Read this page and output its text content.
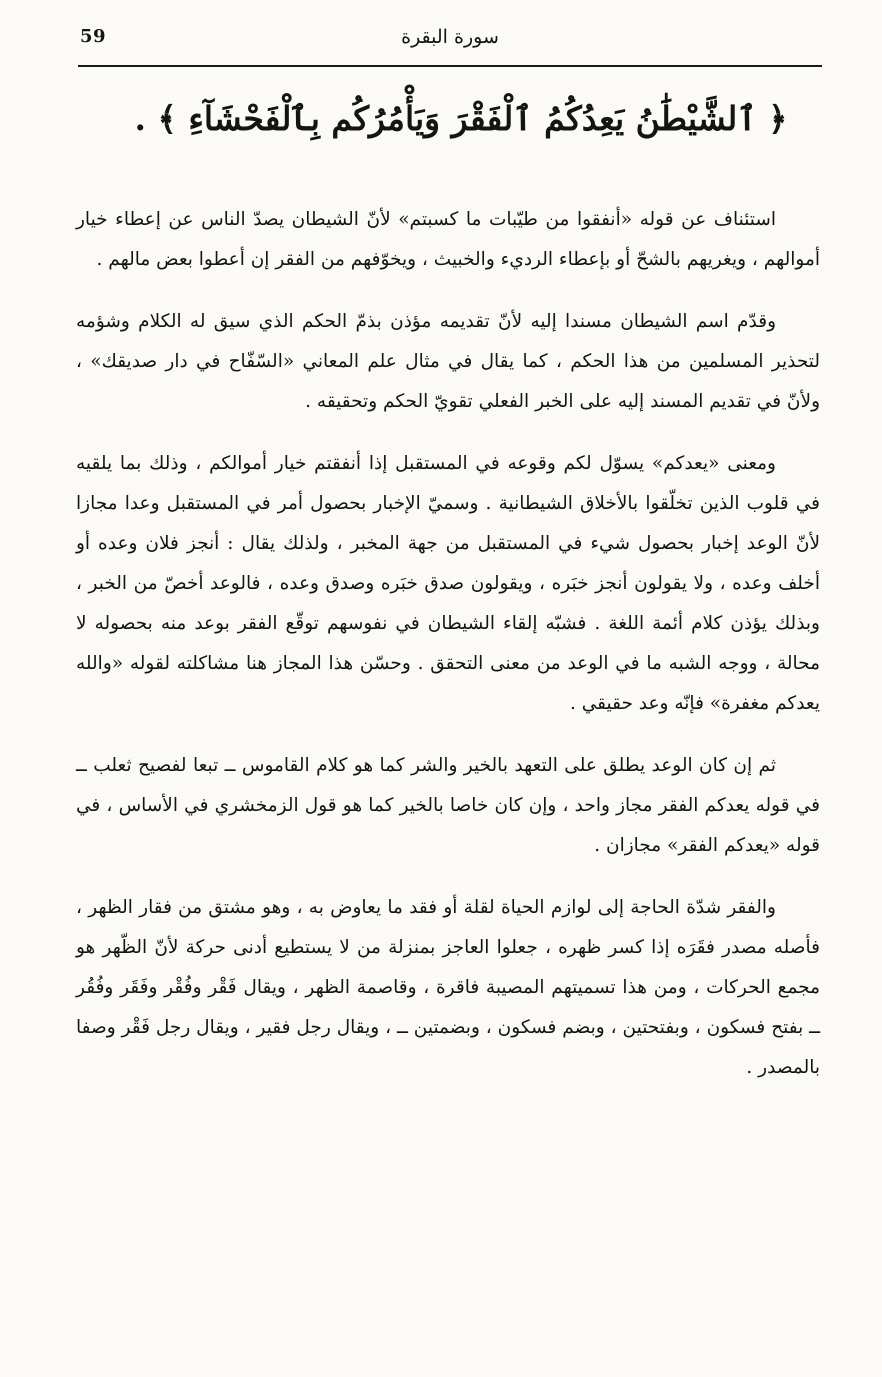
59	سورة البقرة
﴿ ٱلشَّيْطَٰنُ يَعِدُكُمُ ٱلْفَقْرَ وَيَأْمُرُكُم بِٱلْفَحْشَآءِ ﴾ .

استئناف عن قوله «أنفقوا من طيّبات ما كسبتم» لأنّ الشيطان يصدّ الناس عن إعطاء خيار أموالهم ، ويغريهم بالشحّ أو بإعطاء الرديء والخبيث ، ويخوّفهم من الفقر إن أعطوا بعض مالهم .

وقدّم اسم الشيطان مسندا إليه لأنّ تقديمه مؤذن بذمّ الحكم الذي سيق له الكلام وشؤمه لتحذير المسلمين من هذا الحكم ، كما يقال في مثال علم المعاني «السّفّاح في دار صديقك» ، ولأنّ في تقديم المسند إليه على الخبر الفعلي تقويّ الحكم وتحقيقه .

ومعنى «يعدكم» يسوّل لكم وقوعه في المستقبل إذا أنفقتم خيار أموالكم ، وذلك بما يلقيه في قلوب الذين تخلّقوا بالأخلاق الشيطانية . وسميّ الإخبار بحصول أمر في المستقبل وعدا مجازا لأنّ الوعد إخبار بحصول شيء في المستقبل من جهة المخبر ، ولذلك يقال : أنجز فلان وعده أو أخلف وعده ، ولا يقولون أنجز خبَره ، ويقولون صدق خبَره وصدق وعده ، فالوعد أخصّ من الخبر ، وبذلك يؤذن كلام أئمة اللغة . فشبّه إلقاء الشيطان في نفوسهم توقّع الفقر بوعد منه بحصوله لا محالة ، ووجه الشبه ما في الوعد من معنى التحقق . وحسّن هذا المجاز هنا مشاكلته لقوله «والله يعدكم مغفرة» فإنّه وعد حقيقي .

ثم إن كان الوعد يطلق على التعهد بالخير والشر كما هو كلام القاموس ــ تبعا لفصيح ثعلب ــ في قوله يعدكم الفقر مجاز واحد ، وإن كان خاصا بالخير كما هو قول الزمخشري في الأساس ، في قوله «يعدكم الفقر» مجازان .

والفقر شدّة الحاجة إلى لوازم الحياة لقلة أو فقد ما يعاوض به ، وهو مشتق من فقار الظهر ، فأصله مصدر فقَرَه إذا كسر ظهره ، جعلوا العاجز بمنزلة من لا يستطيع أدنى حركة لأنّ الظّهر هو مجمع الحركات ، ومن هذا تسميتهم المصيبة فاقرة ، وقاصمة الظهر ، ويقال فَقْر وفُقْر وفَقَر وفُقُر ــ بفتح فسكون ، وبفتحتين ، وبضم فسكون ، وبضمتين ــ ، ويقال رجل فقير ، ويقال رجل فَقْر وصفا بالمصدر .
